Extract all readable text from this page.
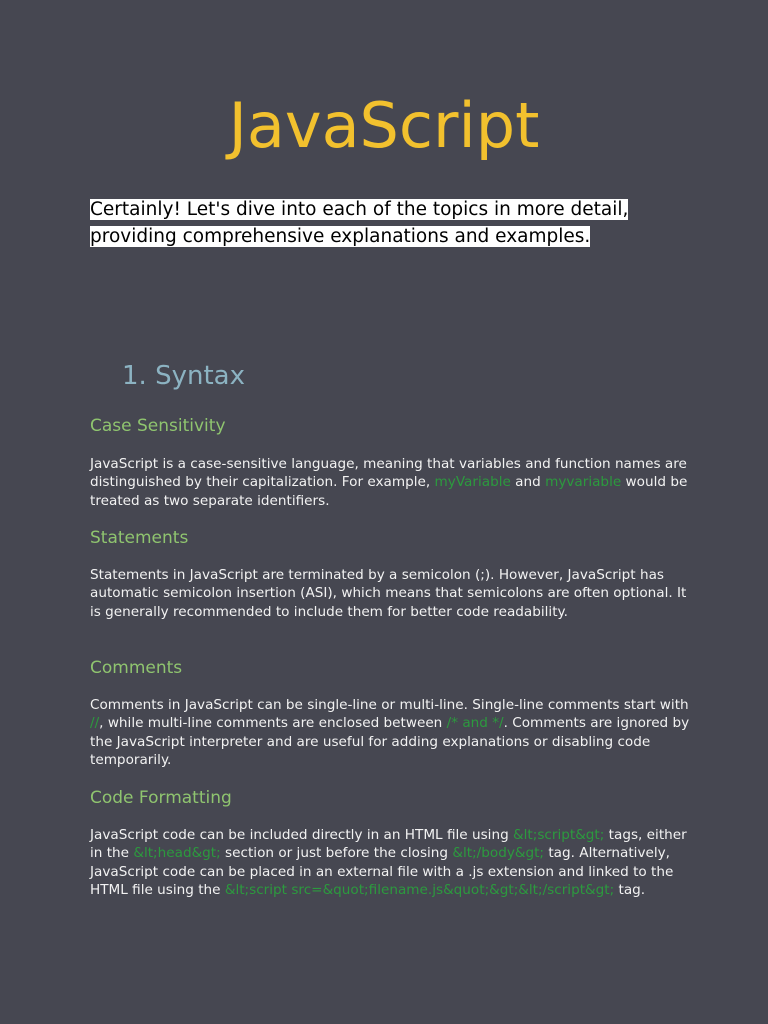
JavaScript

Certainly! Let's dive into each of the topics in more detail, providing comprehensive explanations and examples.

1. Syntax
Case Sensitivity

JavaScript is a case-sensitive language, meaning that variables and function names are distinguished by their capitalization. For example, myVariable and myvariable would be treated as two separate identifiers.

Statements

Statements in JavaScript are terminated by a semicolon (;). However, JavaScript has automatic semicolon insertion (ASI), which means that semicolons are often optional. It is generally recommended to include them for better code readability.

Comments

Comments in JavaScript can be single-line or multi-line. Single-line comments start with //, while multi-line comments are enclosed between /* and */. Comments are ignored by the JavaScript interpreter and are useful for adding explanations or disabling code temporarily.

Code Formatting

JavaScript code can be included directly in an HTML file using &lt;script&gt; tags, either in the &lt;head&gt; section or just before the closing &lt;/body&gt; tag. Alternatively, JavaScript code can be placed in an external file with a .js extension and linked to the HTML file using the &lt;script src=&quot;filename.js&quot;&gt;&lt;/script&gt; tag.
